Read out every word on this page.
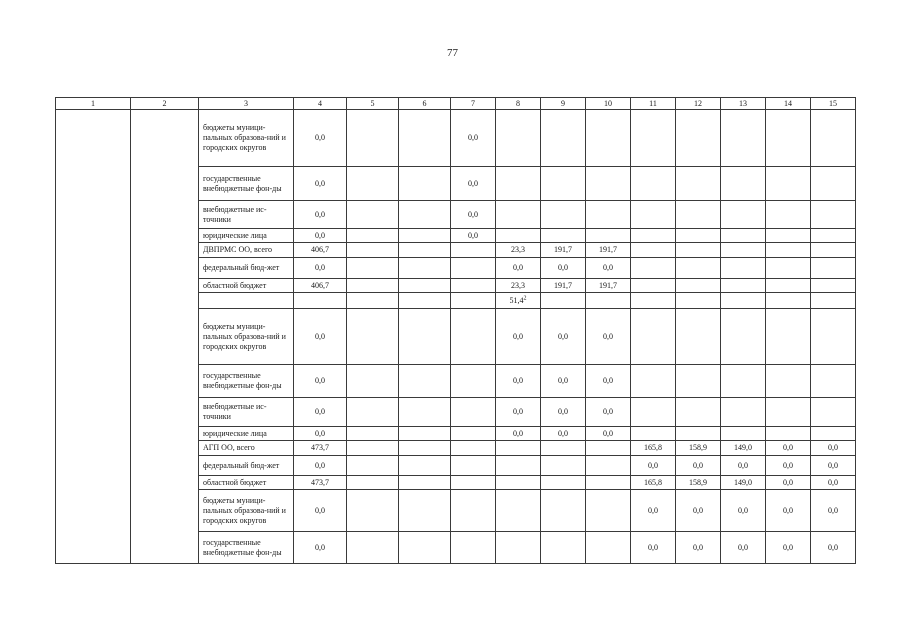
77
1	2	3	4	5	6	7	8	9	10	11	12	13	14	15
		бюджеты муници-пальных образова-ний и городских округов	0,0			0,0								
		государственные внебюджетные фон-ды	0,0			0,0								
		внебюджетные ис-точники	0,0			0,0								
		юридические лица	0,0			0,0								
		ДВПРМС ОО, всего	406,7				23,3	191,7	191,7					
		федеральный бюд-жет	0,0				0,0	0,0	0,0					
		областной бюджет	406,7				23,3	191,7	191,7					
							51,4$^2$							
		бюджеты муници-пальных образова-ний и городских округов	0,0				0,0	0,0	0,0					
		государственные внебюджетные фон-ды	0,0				0,0	0,0	0,0					
		внебюджетные ис-точники	0,0				0,0	0,0	0,0					
		юридические лица	0,0				0,0	0,0	0,0					
		АГП ОО, всего	473,7							165,8	158,9	149,0	0,0	0,0
		федеральный бюд-жет	0,0							0,0	0,0	0,0	0,0	0,0
		областной бюджет	473,7							165,8	158,9	149,0	0,0	0,0
		бюджеты муници-пальных образова-ний и городских округов	0,0							0,0	0,0	0,0	0,0	0,0
		государственные внебюджетные фон-ды	0,0							0,0	0,0	0,0	0,0	0,0
